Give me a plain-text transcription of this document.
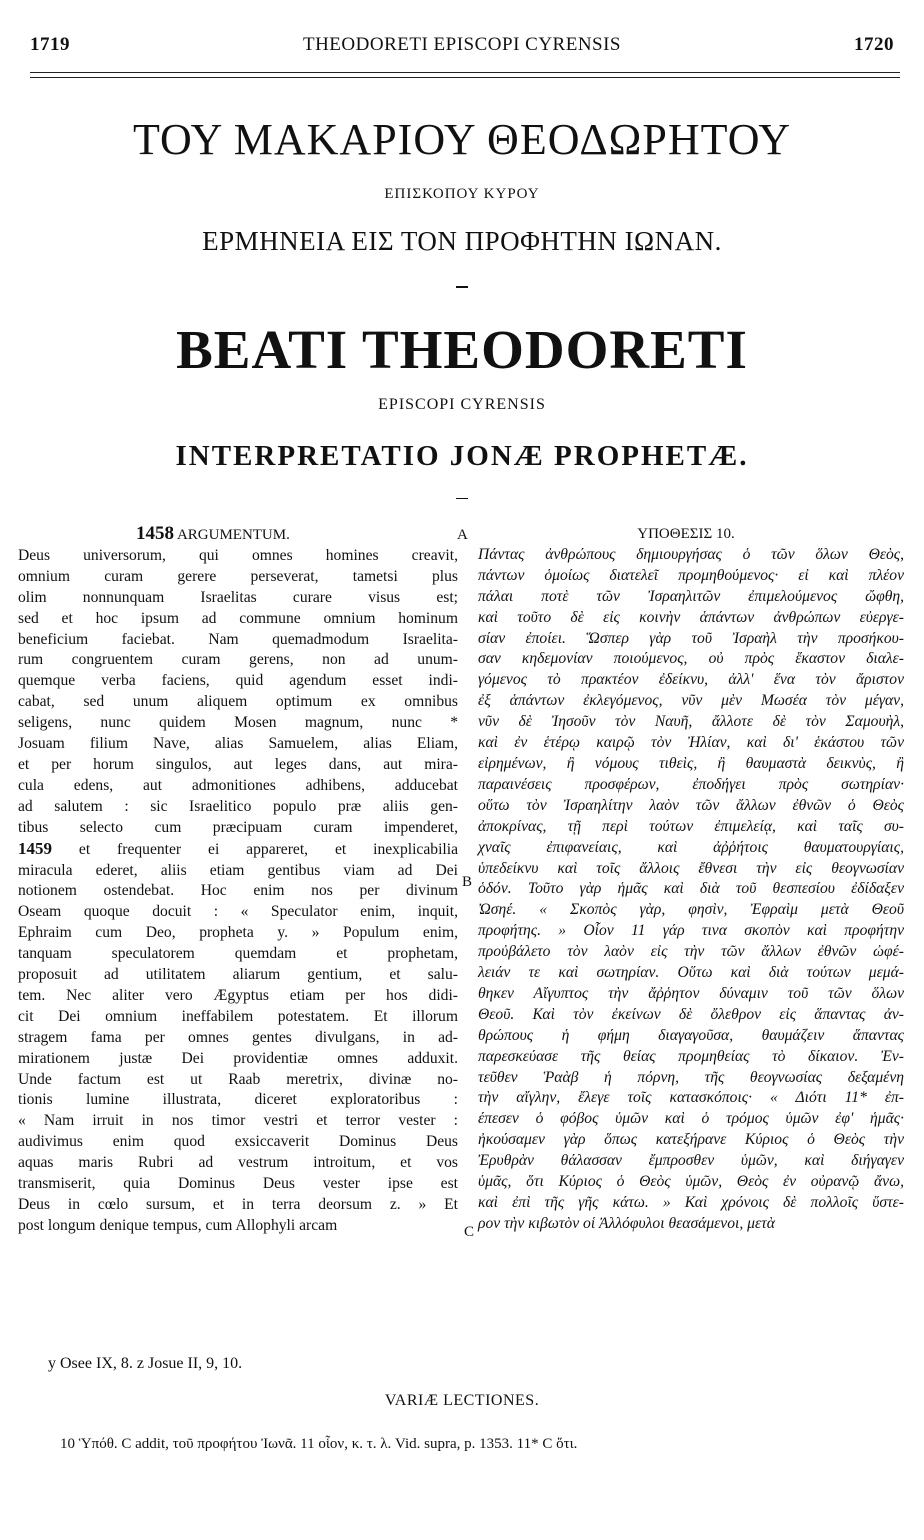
1719	THEODORETI EPISCOPI CYRENSIS	1720
ΤΟΥ ΜΑΚΑΡΙΟΥ ΘΕΟΔΩΡΗΤΟΥ
ΕΠΙΣΚΟΠΟΥ ΚΥΡΟΥ
ΕΡΜΗΝΕΙΑ ΕΙΣ ΤΟΝ ΠΡΟΦΗΤΗΝ ΙΩΝΑΝ.
BEATI THEODORETI
EPISCOPI CYRENSIS
INTERPRETATIO JONÆ PROPHETÆ.
A
B
C
1458 ARGUMENTUM.
Deus universorum, qui omnes homines creavit,
omnium curam gerere perseverat, tametsi plus
olim nonnunquam Israelitas curare visus est;
sed et hoc ipsum ad commune omnium hominum
beneficium faciebat. Nam quemadmodum Israelita-
rum congruentem curam gerens, non ad unum-
quemque verba faciens, quid agendum esset indi-
cabat, sed unum aliquem optimum ex omnibus
seligens, nunc quidem Mosen magnum, nunc *
Josuam filium Nave, alias Samuelem, alias Eliam,
et per horum singulos, aut leges dans, aut mira-
cula edens, aut admonitiones adhibens, adducebat
ad salutem : sic Israelitico populo præ aliis gen-
tibus selecto cum præcipuam curam impenderet,
1459 et frequenter ei appareret, et inexplicabilia
miracula ederet, aliis etiam gentibus viam ad Dei
notionem ostendebat. Hoc enim nos per divinum
Oseam quoque docuit : « Speculator enim, inquit,
Ephraim cum Deo, propheta y. » Populum enim,
tanquam speculatorem quemdam et prophetam,
proposuit ad utilitatem aliarum gentium, et salu-
tem. Nec aliter vero Ægyptus etiam per hos didi-
cit Dei omnium ineffabilem potestatem. Et illorum
stragem fama per omnes gentes divulgans, in ad-
mirationem justæ Dei providentiæ omnes adduxit.
Unde factum est ut Raab meretrix, divinæ no-
tionis lumine illustrata, diceret exploratoribus :
« Nam irruit in nos timor vestri et terror vester :
audivimus enim quod exsiccaverit Dominus Deus
aquas maris Rubri ad vestrum introitum, et vos
transmiserit, quia Dominus Deus vester ipse est
Deus in cœlo sursum, et in terra deorsum z. » Et
post longum denique tempus, cum Allophyli arcam
ΥΠΟΘΕΣΙΣ 10.
Πάντας ἀνθρώπους δημιουργήσας ὁ τῶν ὅλων Θεὸς,
πάντων ὁμοίως διατελεῖ προμηθούμενος· εἰ καὶ πλέον
πάλαι ποτὲ τῶν Ἰσραηλιτῶν ἐπιμελούμενος ὤφθη,
καὶ τοῦτο δὲ εἰς κοινὴν ἁπάντων ἀνθρώπων εὐεργε-
σίαν ἐποίει. Ὥσπερ γὰρ τοῦ Ἰσραὴλ τὴν προσήκου-
σαν κηδεμονίαν ποιούμενος, οὐ πρὸς ἕκαστον διαλε-
γόμενος τὸ πρακτέον ἐδείκνυ, ἀλλ' ἕνα τὸν ἄριστον
ἐξ ἁπάντων ἐκλεγόμενος, νῦν μὲν Μωσέα τὸν μέγαν,
νῦν δὲ Ἰησοῦν τὸν Ναυῆ, ἄλλοτε δὲ τὸν Σαμουὴλ,
καὶ ἐν ἑτέρῳ καιρῷ τὸν Ἠλίαν, καὶ δι' ἑκάστου τῶν
εἰρημένων, ἢ νόμους τιθεὶς, ἢ θαυμαστὰ δεικνὺς, ἢ
παραινέσεις προσφέρων, ἐποδήγει πρὸς σωτηρίαν·
οὕτω τὸν Ἰσραηλίτην λαὸν τῶν ἄλλων ἐθνῶν ὁ Θεὸς
ἀποκρίνας, τῇ περὶ τούτων ἐπιμελείᾳ, καὶ ταῖς συ-
χναῖς ἐπιφανείαις, καὶ ἀῤῥήτοις θαυματουργίαις,
ὑπεδείκνυ καὶ τοῖς ἄλλοις ἔθνεσι τὴν εἰς θεογνωσίαν
ὁδόν. Τοῦτο γὰρ ἡμᾶς καὶ διὰ τοῦ θεσπεσίου ἐδίδαξεν
Ὠσηέ. « Σκοπὸς γὰρ, φησὶν, Ἐφραὶμ μετὰ Θεοῦ
προφήτης. » Οἷον 11 γάρ τινα σκοπὸν καὶ προφήτην
προὐβάλετο τὸν λαὸν εἰς τὴν τῶν ἄλλων ἐθνῶν ὠφέ-
λειάν τε καὶ σωτηρίαν. Οὕτω καὶ διὰ τούτων μεμά-
θηκεν Αἴγυπτος τὴν ἄῤῥητον δύναμιν τοῦ τῶν ὅλων
Θεοῦ. Καὶ τὸν ἐκείνων δὲ ὄλεθρον εἰς ἅπαντας ἀν-
θρώπους ἡ φήμη διαγαγοῦσα, θαυμάζειν ἅπαντας
παρεσκεύασε τῆς θείας προμηθείας τὸ δίκαιον. Ἐν-
τεῦθεν Ῥαὰβ ἡ πόρνη, τῆς θεογνωσίας δεξαμένη
τὴν αἴγλην, ἔλεγε τοῖς κατασκόποις· « Διότι 11* ἐπ-
έπεσεν ὁ φόβος ὑμῶν καὶ ὁ τρόμος ὑμῶν ἐφ' ἡμᾶς·
ἠκούσαμεν γὰρ ὅπως κατεξήρανε Κύριος ὁ Θεὸς τὴν
Ἐρυθρὰν θάλασσαν ἔμπροσθεν ὑμῶν, καὶ διήγαγεν
ὑμᾶς, ὅτι Κύριος ὁ Θεὸς ὑμῶν, Θεὸς ἐν οὐρανῷ ἄνω,
καὶ ἐπὶ τῆς γῆς κάτω. » Καὶ χρόνοις δὲ πολλοῖς ὕστε-
ρον τὴν κιβωτὸν οἱ Ἀλλόφυλοι θεασάμενοι, μετὰ
y Osee IX, 8. z Josue II, 9, 10.
VARIÆ LECTIONES.
10 Ὑπόθ. C addit, τοῦ προφήτου Ἰωνᾶ. 11 οἷον, κ. τ. λ. Vid. supra, p. 1353. 11* C ὅτι.
